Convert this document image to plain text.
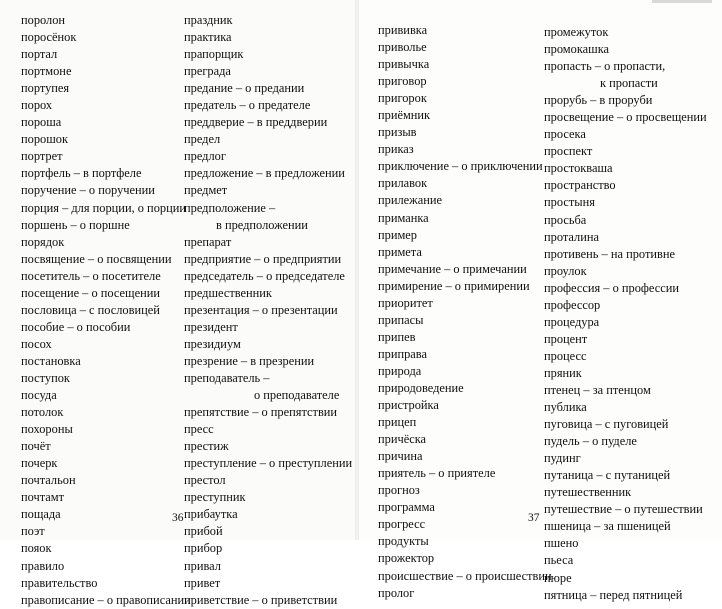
поролон
поросёнок
портал
портмоне
портупея
порох
пороша
порошок
портрет
портфель – в портфеле
поручение – о поручении
порция – для порции, о порции
поршень – о поршне
порядок
посвящение – о посвящении
посетитель – о посетителе
посещение – о посещении
пословица – с пословицей
пособие – о пособии
посох
постановка
поступок
посуда
потолок
похороны
почёт
почерк
почтальон
почтамт
пощада
поэт
пояок
правило
правительство
правописание – о правописании
праздник
практика
прапорщик
преграда
предание – о предании
предатель – о предателе
преддверие – в преддверии
предел
предлог
предложение – в предложении
предмет
предположение –
в предположении
препарат
предприятие – о предприятии
председатель – о председателе
предшественник
презентация – о презентации
президент
президиум
презрение – в презрении
преподаватель –
о преподавателе
препятствие – о препятствии
пресс
престиж
преступление – о преступлении
престол
преступник
прибаутка
прибой
прибор
привал
привет
приветствие – о приветствии
прививка
приволье
привычка
приговор
пригорок
приёмник
призыв
приказ
приключение – о приключении
прилавок
прилежание
приманка
пример
примета
примечание – о примечании
примирение – о примирении
приоритет
припасы
припев
приправа
природа
природоведение
пристройка
прицеп
причёска
причина
приятель – о приятеле
прогноз
программа
прогресс
продукты
прожектор
происшествие – о происшествии
пролог
промежуток
промокашка
пропасть – о пропасти,
к пропасти
прорубь – в проруби
просвещение – о просвещении
просека
проспект
простокваша
пространство
простыня
просьба
проталина
противень – на противне
проулок
профессия – о профессии
профессор
процедура
процент
процесс
пряник
птенец – за птенцом
публика
пуговица – с пуговицей
пудель – о пуделе
пудинг
путаница – с путаницей
путешественник
путешествие – о путешествии
пшеница – за пшеницей
пшено
пьеса
пюре
пятница – перед пятницей
36	37
